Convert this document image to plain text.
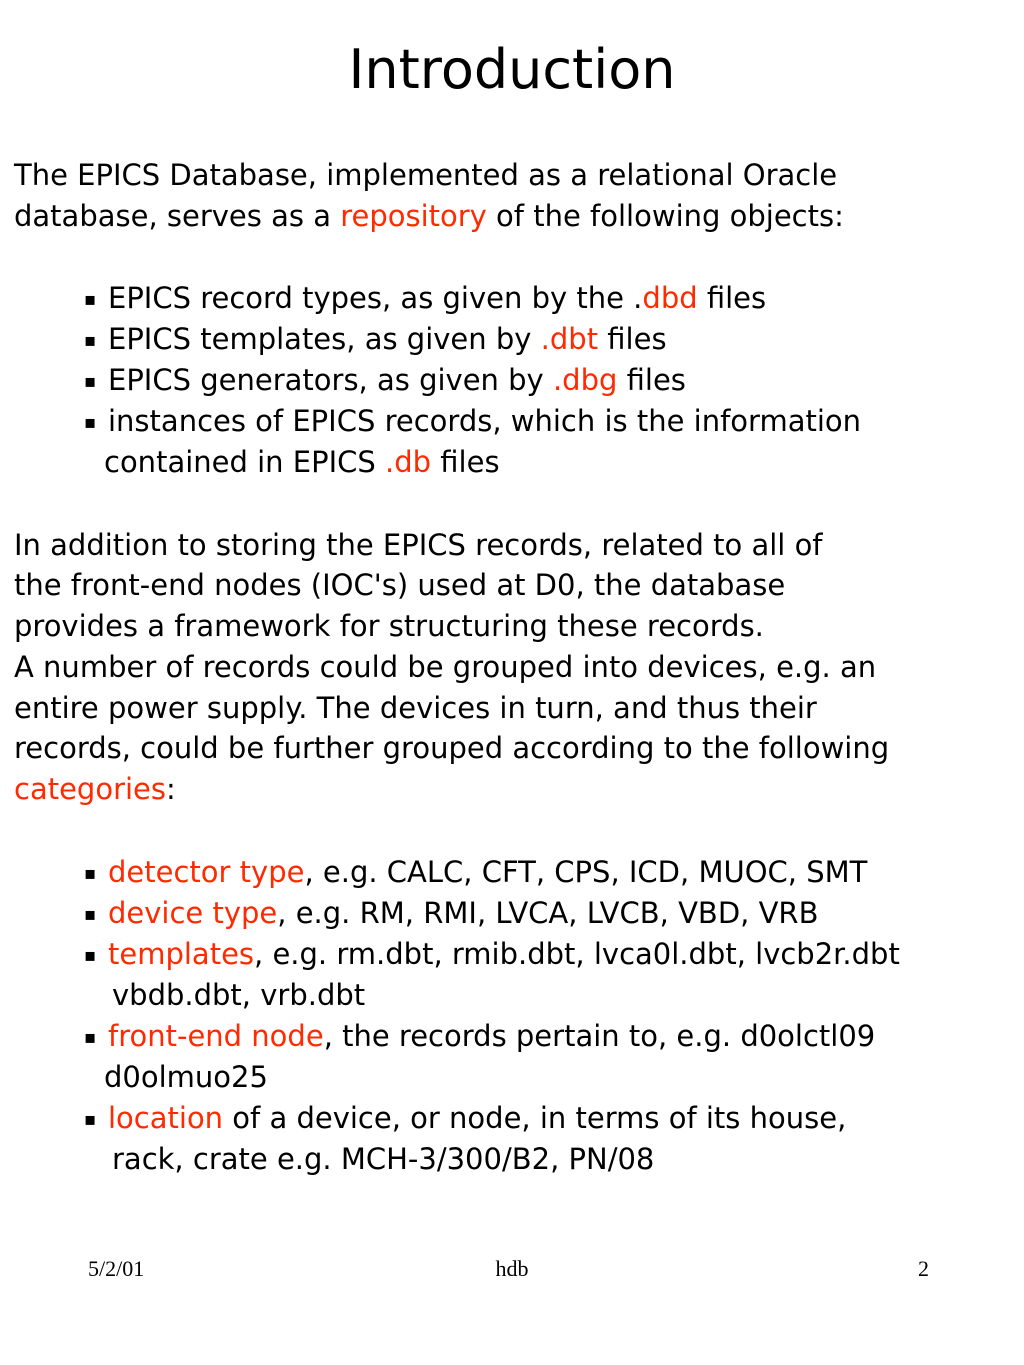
Introduction
The EPICS Database, implemented as a relational Oracle
database, serves as a repository of the following objects:
▪ EPICS record types, as given by the .dbd files
▪ EPICS templates, as given by .dbt files
▪ EPICS generators, as given by .dbg files
▪ instances of EPICS records, which is the information
contained in EPICS .db files
In addition to storing the EPICS records, related to all of
the front-end nodes (IOC's) used at D0, the database
provides a framework for structuring these records.
A number of records could be grouped into devices, e.g. an
entire power supply. The devices in turn, and thus their
records, could be further grouped according to the following
categories:
▪ detector type, e.g. CALC, CFT, CPS, ICD, MUOC, SMT
▪ device type, e.g. RM, RMI, LVCA, LVCB, VBD, VRB
▪ templates, e.g. rm.dbt, rmib.dbt, lvca0l.dbt, lvcb2r.dbt
vbdb.dbt, vrb.dbt
▪ front-end node, the records pertain to, e.g. d0olctl09
d0olmuo25
▪ location of a device, or node, in terms of its house,
rack, crate e.g. MCH-3/300/B2, PN/08
5/2/01	hdb	2
